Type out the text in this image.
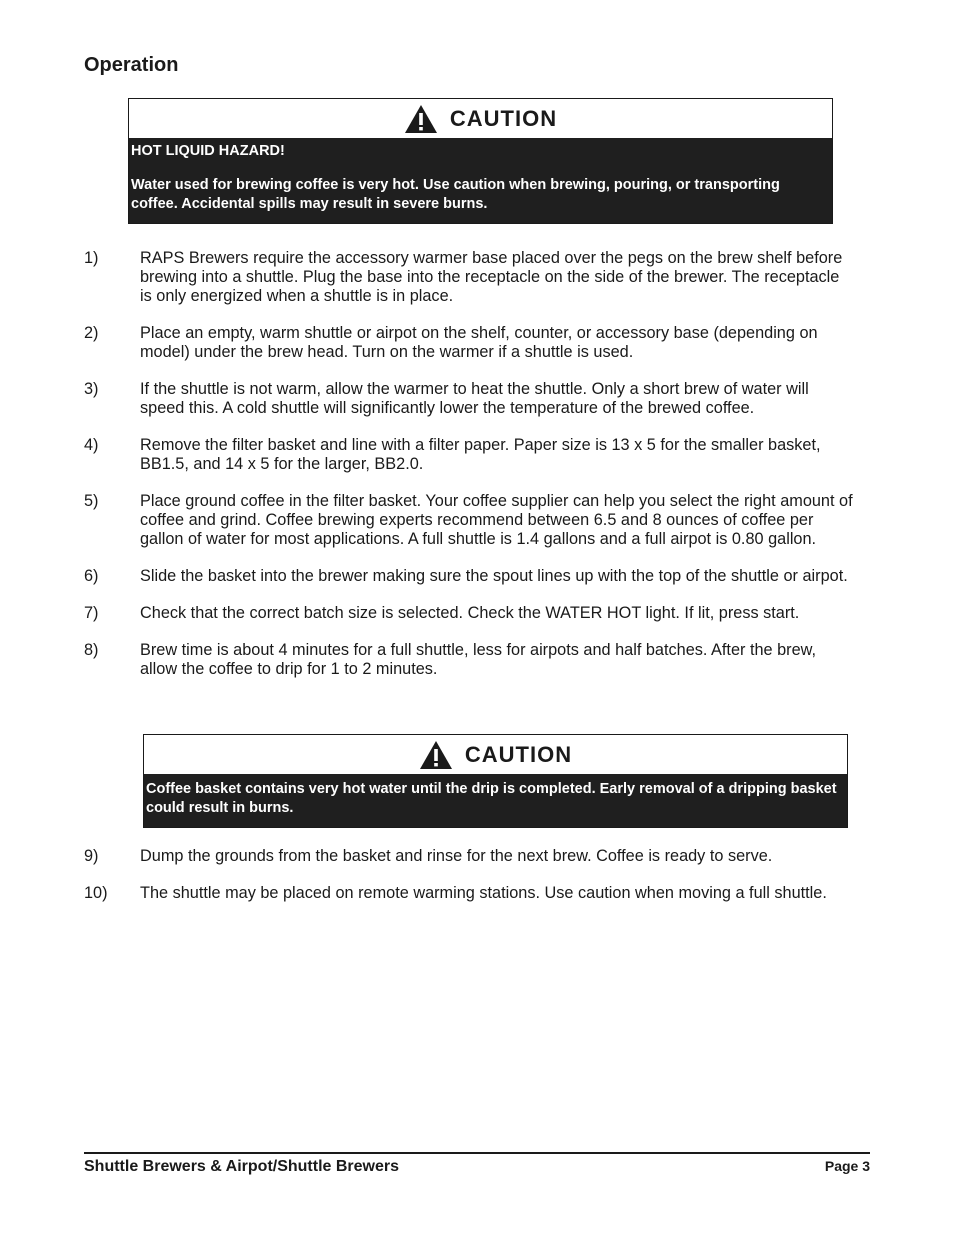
Operation
CAUTION

HOT LIQUID HAZARD!

Water used for brewing coffee is very hot. Use caution when brewing, pouring, or transporting coffee. Accidental spills may result in severe burns.

1)	RAPS Brewers require the accessory warmer base placed over the pegs on the brew shelf before brewing into a shuttle. Plug the base into the receptacle on the side of the brewer. The receptacle is only energized when a shuttle is in place.
2)	Place an empty, warm shuttle or airpot on the shelf, counter, or accessory base (depending on model) under the brew head. Turn on the warmer if a shuttle is used.
3)	If the shuttle is not warm, allow the warmer to heat the shuttle. Only a short brew of water will speed this. A cold shuttle will significantly lower the temperature of the brewed coffee.
4)	Remove the filter basket and line with a filter paper. Paper size is 13 x 5 for the smaller basket, BB1.5, and 14 x 5 for the larger, BB2.0.
5)	Place ground coffee in the filter basket. Your coffee supplier can help you select the right amount of coffee and grind. Coffee brewing experts recommend between 6.5 and 8 ounces of coffee per gallon of water for most applications. A full shuttle is 1.4 gallons and a full airpot is 0.80 gallon.
6)	Slide the basket into the brewer making sure the spout lines up with the top of the shuttle or airpot.
7)	Check that the correct batch size is selected. Check the WATER HOT light. If lit, press start.
8)	Brew time is about 4 minutes for a full shuttle, less for airpots and half batches. After the brew, allow the coffee to drip for 1 to 2 minutes.
CAUTION

Coffee basket contains very hot water until the drip is completed. Early removal of a dripping basket could result in burns.

9)	Dump the grounds from the basket and rinse for the next brew. Coffee is ready to serve.
10)	The shuttle may be placed on remote warming stations. Use caution when moving a full shuttle.
Shuttle Brewers & Airpot/Shuttle Brewers	Page 3
